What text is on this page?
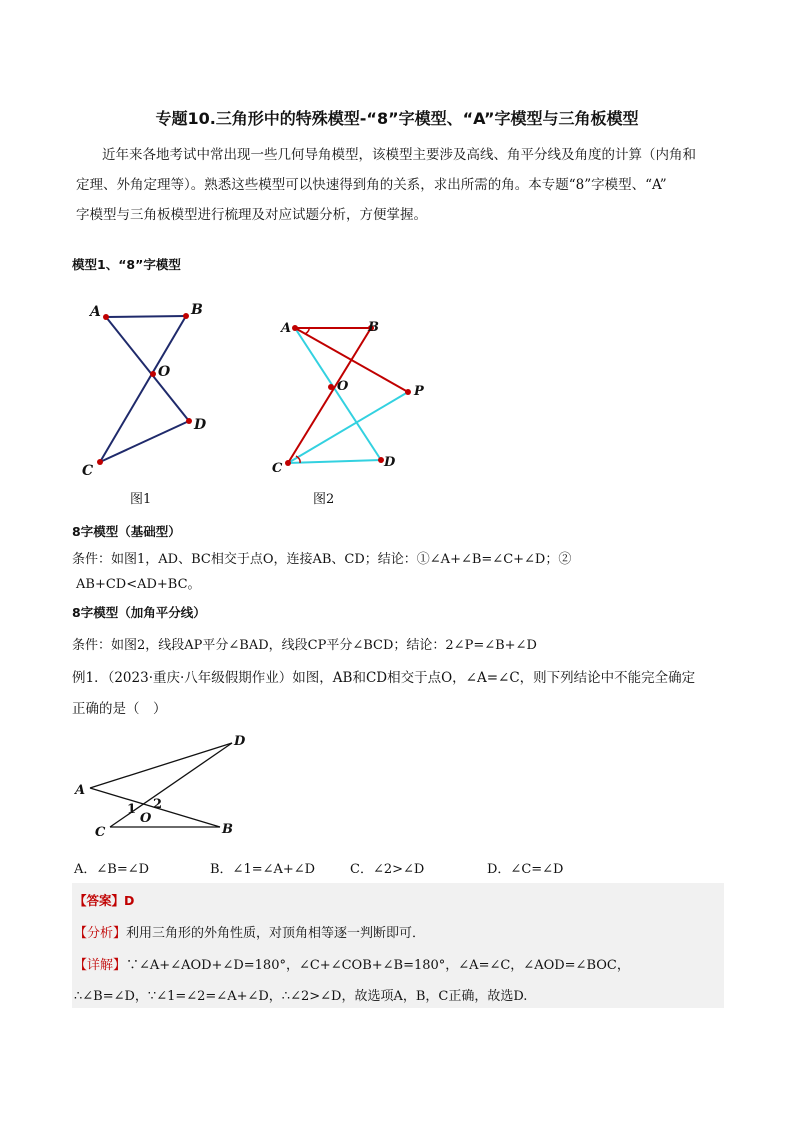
专题10.三角形中的特殊模型-“8”字模型、“A”字模型与三角板模型
近年来各地考试中常出现一些几何导角模型，该模型主要涉及高线、角平分线及角度的计算（内角和
定理、外角定理等）。熟悉这些模型可以快速得到角的关系，求出所需的角。本专题“8”字模型、“A”
字模型与三角板模型进行梳理及对应试题分析，方便掌握。
模型1、“8”字模型
A	B
O
D
C
图1
A	B
O	P
C	D
图2
8字模型（基础型）
条件：如图1，AD、BC相交于点O，连接AB、CD；结论：①∠A+∠B=∠C+∠D；②
AB+CD<AD+BC。
8字模型（加角平分线）
条件：如图2，线段AP平分∠BAD，线段CP平分∠BCD；结论：2∠P=∠B+∠D
例1．（2023·重庆·八年级假期作业）如图，AB和CD相交于点O，∠A=∠C，则下列结论中不能完全确定
正确的是（　）
D
A
1 2
O
C	B
A．∠B=∠D	B．∠1=∠A+∠D	C．∠2>∠D	D．∠C=∠D
【答案】D
【分析】利用三角形的外角性质，对顶角相等逐一判断即可．
【详解】∵∠A+∠AOD+∠D=180°，∠C+∠COB+∠B=180°，∠A=∠C，∠AOD=∠BOC，
∴∠B=∠D，∵∠1=∠2=∠A+∠D，∴∠2>∠D，故选项A，B，C正确，故选D.
